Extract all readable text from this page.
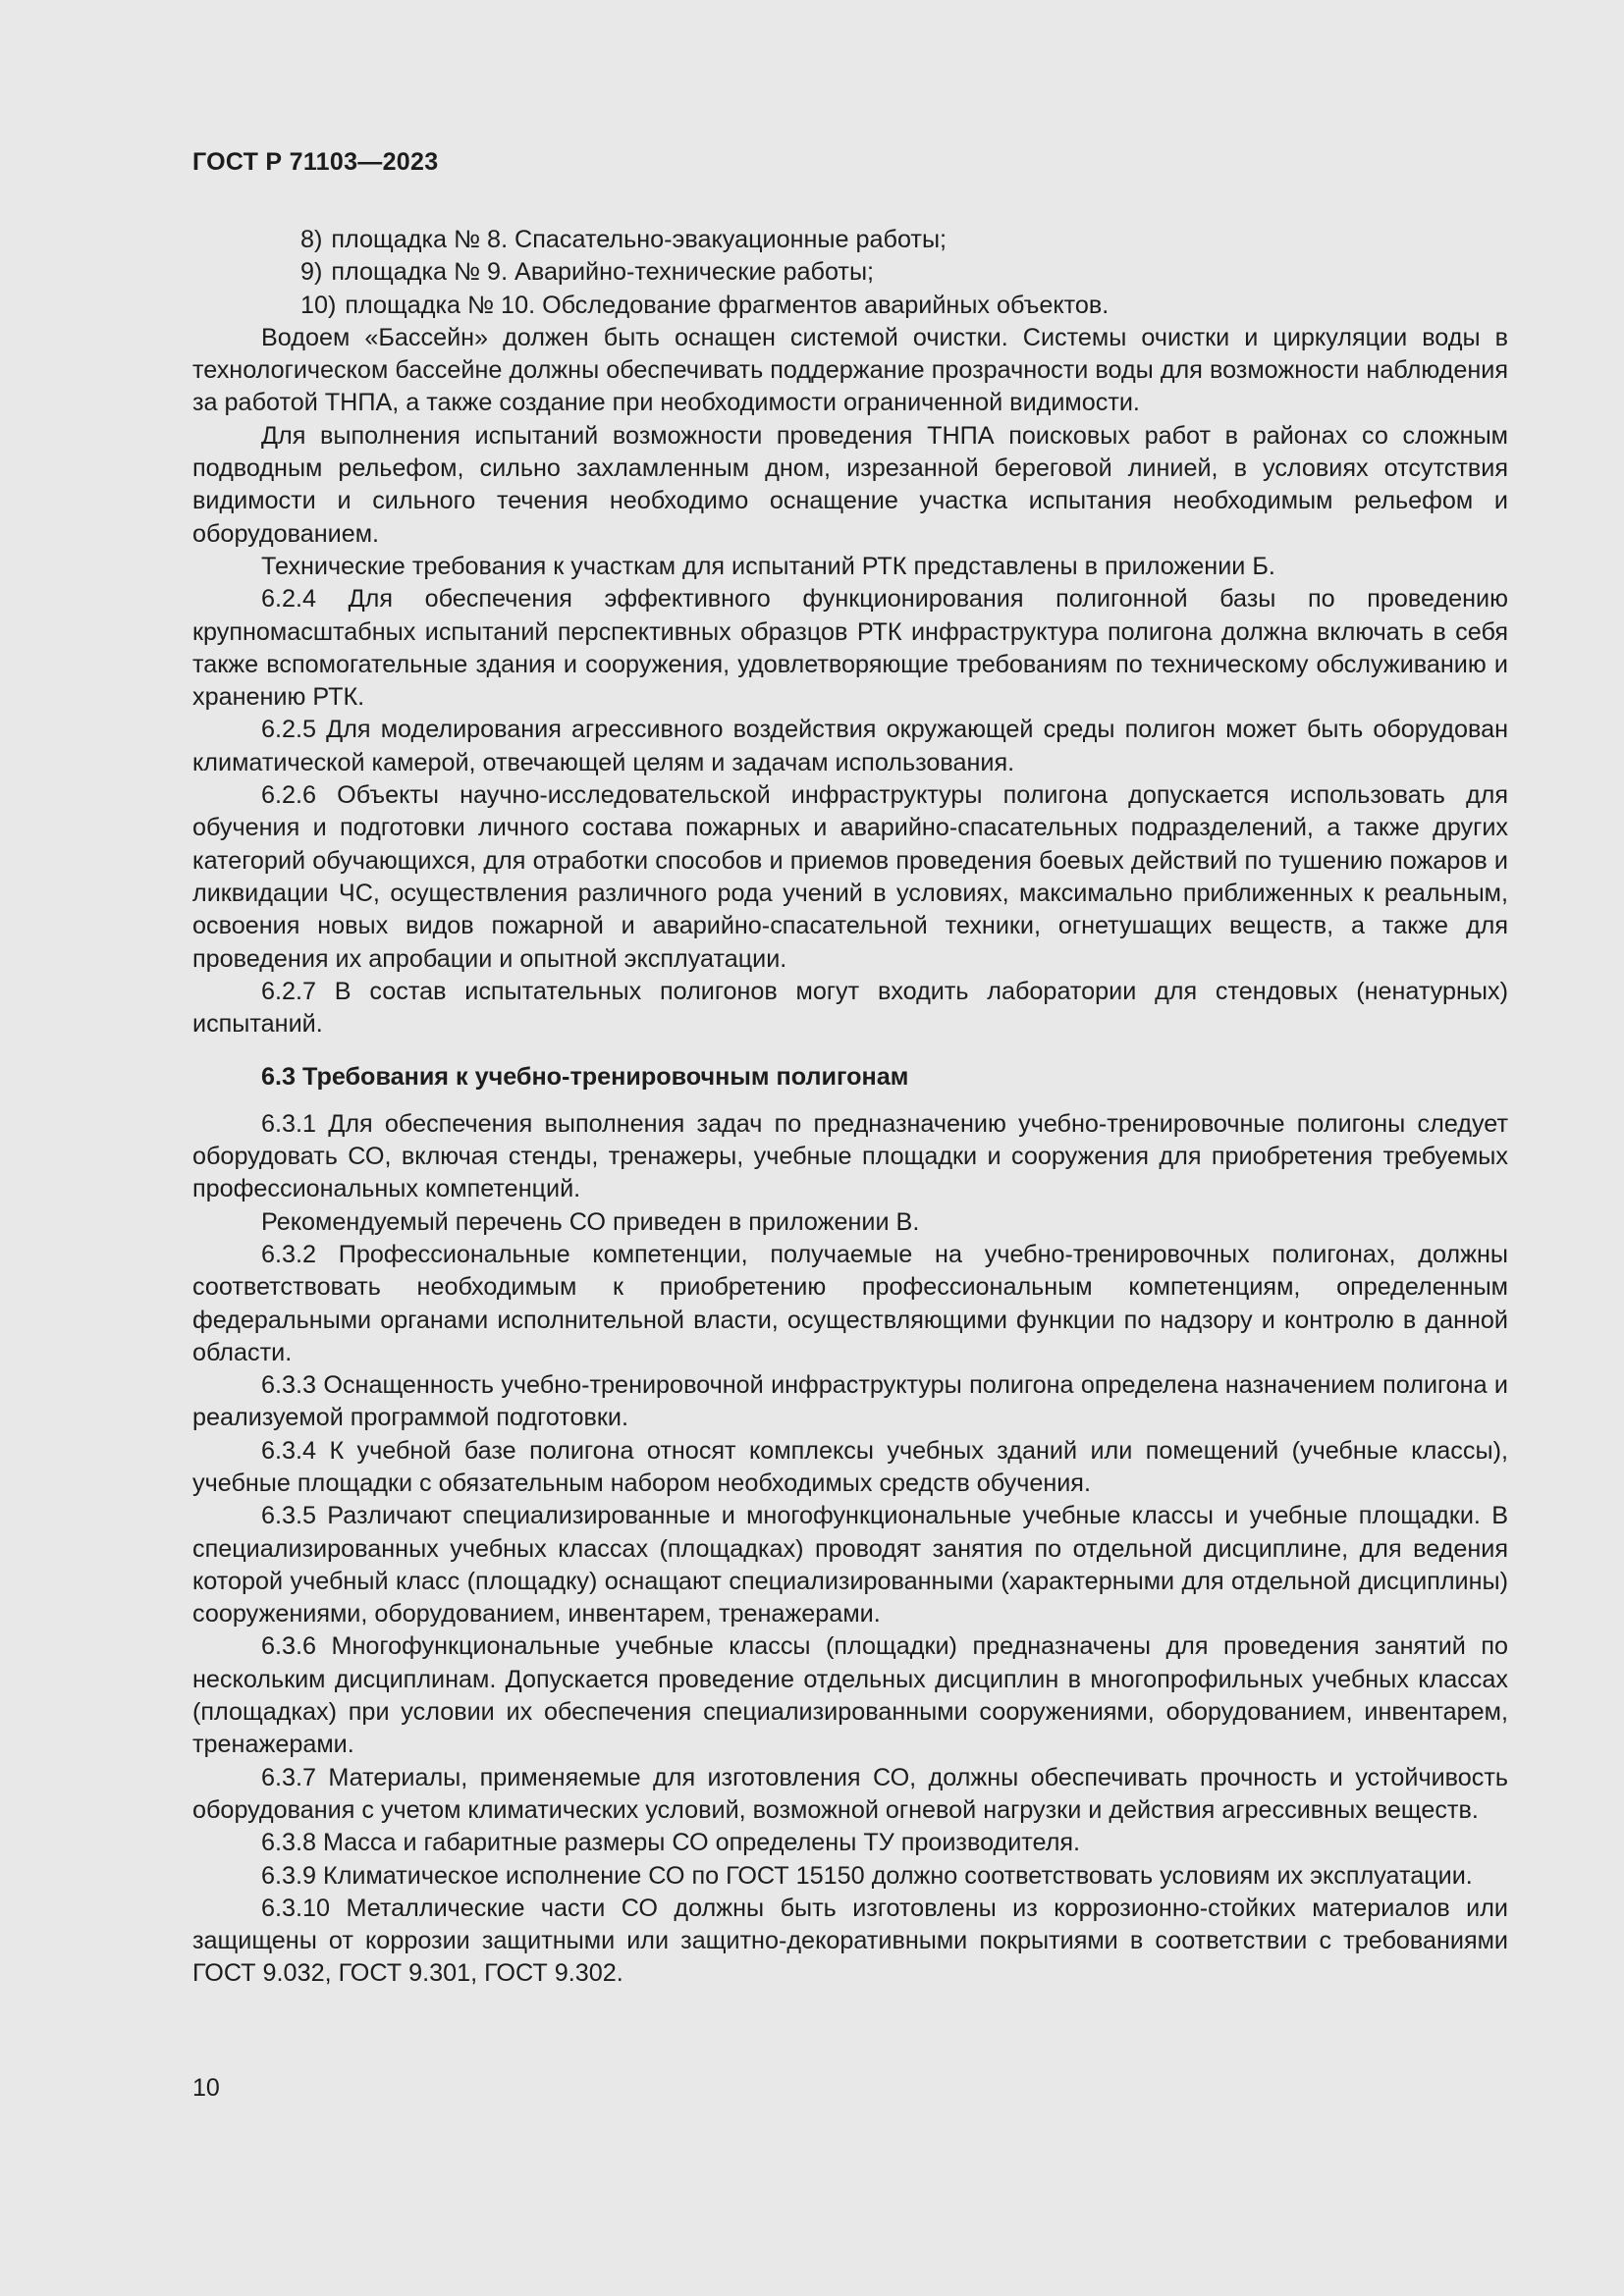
ГОСТ Р 71103—2023
8) площадка № 8. Спасательно-эвакуационные работы;
9) площадка № 9. Аварийно-технические работы;
10) площадка № 10. Обследование фрагментов аварийных объектов.

Водоем «Бассейн» должен быть оснащен системой очистки. Системы очистки и циркуляции воды в технологическом бассейне должны обеспечивать поддержание прозрачности воды для возможности наблюдения за работой ТНПА, а также создание при необходимости ограниченной видимости.

Для выполнения испытаний возможности проведения ТНПА поисковых работ в районах со сложным подводным рельефом, сильно захламленным дном, изрезанной береговой линией, в условиях отсутствия видимости и сильного течения необходимо оснащение участка испытания необходимым рельефом и оборудованием.

Технические требования к участкам для испытаний РТК представлены в приложении Б.

6.2.4 Для обеспечения эффективного функционирования полигонной базы по проведению крупномасштабных испытаний перспективных образцов РТК инфраструктура полигона должна включать в себя также вспомогательные здания и сооружения, удовлетворяющие требованиям по техническому обслуживанию и хранению РТК.

6.2.5 Для моделирования агрессивного воздействия окружающей среды полигон может быть оборудован климатической камерой, отвечающей целям и задачам использования.

6.2.6 Объекты научно-исследовательской инфраструктуры полигона допускается использовать для обучения и подготовки личного состава пожарных и аварийно-спасательных подразделений, а также других категорий обучающихся, для отработки способов и приемов проведения боевых действий по тушению пожаров и ликвидации ЧС, осуществления различного рода учений в условиях, максимально приближенных к реальным, освоения новых видов пожарной и аварийно-спасательной техники, огнетушащих веществ, а также для проведения их апробации и опытной эксплуатации.

6.2.7 В состав испытательных полигонов могут входить лаборатории для стендовых (ненатурных) испытаний.

6.3 Требования к учебно-тренировочным полигонам

6.3.1 Для обеспечения выполнения задач по предназначению учебно-тренировочные полигоны следует оборудовать СО, включая стенды, тренажеры, учебные площадки и сооружения для приобретения требуемых профессиональных компетенций.

Рекомендуемый перечень СО приведен в приложении В.

6.3.2 Профессиональные компетенции, получаемые на учебно-тренировочных полигонах, должны соответствовать необходимым к приобретению профессиональным компетенциям, определенным федеральными органами исполнительной власти, осуществляющими функции по надзору и контролю в данной области.

6.3.3 Оснащенность учебно-тренировочной инфраструктуры полигона определена назначением полигона и реализуемой программой подготовки.

6.3.4 К учебной базе полигона относят комплексы учебных зданий или помещений (учебные классы), учебные площадки с обязательным набором необходимых средств обучения.

6.3.5 Различают специализированные и многофункциональные учебные классы и учебные площадки. В специализированных учебных классах (площадках) проводят занятия по отдельной дисциплине, для ведения которой учебный класс (площадку) оснащают специализированными (характерными для отдельной дисциплины) сооружениями, оборудованием, инвентарем, тренажерами.

6.3.6 Многофункциональные учебные классы (площадки) предназначены для проведения занятий по нескольким дисциплинам. Допускается проведение отдельных дисциплин в многопрофильных учебных классах (площадках) при условии их обеспечения специализированными сооружениями, оборудованием, инвентарем, тренажерами.

6.3.7 Материалы, применяемые для изготовления СО, должны обеспечивать прочность и устойчивость оборудования с учетом климатических условий, возможной огневой нагрузки и действия агрессивных веществ.

6.3.8 Масса и габаритные размеры СО определены ТУ производителя.

6.3.9 Климатическое исполнение СО по ГОСТ 15150 должно соответствовать условиям их эксплуатации.

6.3.10 Металлические части СО должны быть изготовлены из коррозионно-стойких материалов или защищены от коррозии защитными или защитно-декоративными покрытиями в соответствии с требованиями ГОСТ 9.032, ГОСТ 9.301, ГОСТ 9.302.

10
